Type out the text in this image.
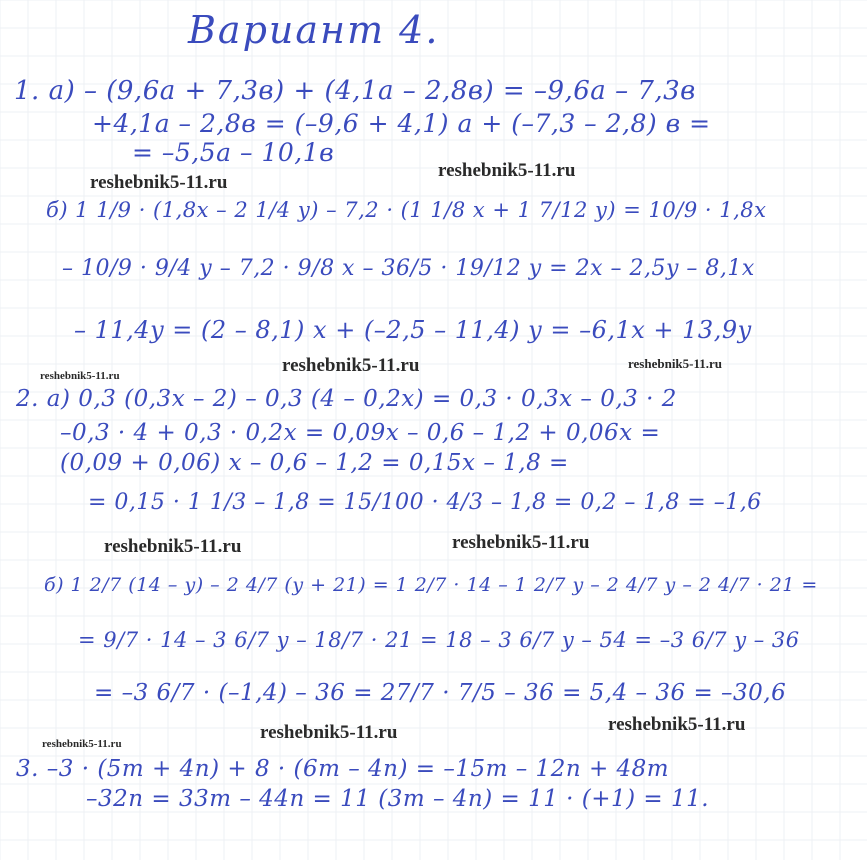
Вариант 4.
1. а) – (9,6а + 7,3в) + (4,1а – 2,8в) = –9,6а – 7,3в
+4,1а – 2,8в = (–9,6 + 4,1) а + (–7,3 – 2,8) в =
= –5,5а – 10,1в
б) 1 1/9 · (1,8x – 2 1/4 y) – 7,2 · (1 1/8 x + 1 7/12 y) = 10/9 · 1,8x
– 10/9 · 9/4 y – 7,2 · 9/8 x – 36/5 · 19/12 y = 2x – 2,5y – 8,1x
– 11,4y = (2 – 8,1) x + (–2,5 – 11,4) y = –6,1x + 13,9y
2. а) 0,3 (0,3x – 2) – 0,3 (4 – 0,2x) = 0,3 · 0,3x – 0,3 · 2
–0,3 · 4 + 0,3 · 0,2x = 0,09x – 0,6 – 1,2 + 0,06x =
(0,09 + 0,06) x – 0,6 – 1,2 = 0,15x – 1,8 =
= 0,15 · 1 1/3 – 1,8 = 15/100 · 4/3 – 1,8 = 0,2 – 1,8 = –1,6
б) 1 2/7 (14 – y) – 2 4/7 (y + 21) = 1 2/7 · 14 – 1 2/7 y – 2 4/7 y – 2 4/7 · 21 =
= 9/7 · 14 – 3 6/7 y – 18/7 · 21 = 18 – 3 6/7 y – 54 = –3 6/7 y – 36
= –3 6/7 · (–1,4) – 36 = 27/7 · 7/5 – 36 = 5,4 – 36 = –30,6
3. –3 · (5m + 4n) + 8 · (6m – 4n) = –15m – 12n + 48m
–32n = 33m – 44n = 11 (3m – 4n) = 11 · (+1) = 11.
reshebnik5-11.ru
reshebnik5-11.ru
reshebnik5-11.ru
reshebnik5-11.ru
reshebnik5-11.ru
reshebnik5-11.ru	reshebnik5-11.ru
reshebnik5-11.ru	reshebnik5-11.ru
reshebnik5-11.ru
